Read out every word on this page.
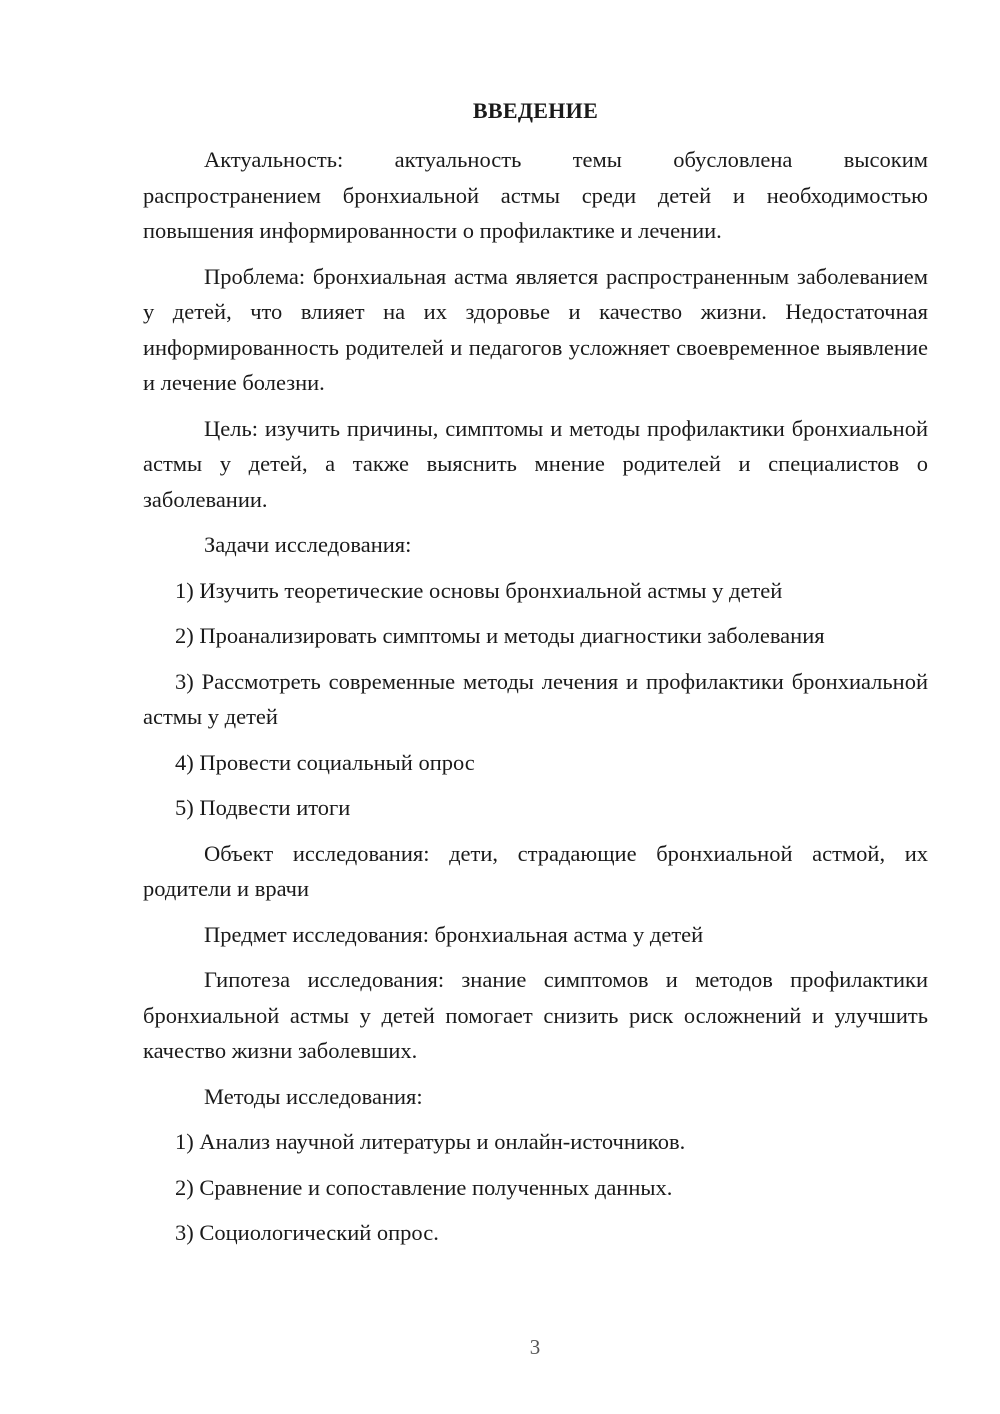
ВВЕДЕНИЕ

Актуальность: актуальность темы обусловлена высоким распространением бронхиальной астмы среди детей и необходимостью повышения информированности о профилактике и лечении.

Проблема: бронхиальная астма является распространенным заболеванием у детей, что влияет на их здоровье и качество жизни. Недостаточная информированность родителей и педагогов усложняет своевременное выявление и лечение болезни.

Цель: изучить причины, симптомы и методы профилактики бронхиальной астмы у детей, а также выяснить мнение родителей и специалистов о заболевании.

Задачи исследования:

1) Изучить теоретические основы бронхиальной астмы у детей

2) Проанализировать симптомы и методы диагностики заболевания

3) Рассмотреть современные методы лечения и профилактики бронхиальной астмы у детей

4) Провести социальный опрос

5) Подвести итоги

Объект исследования: дети, страдающие бронхиальной астмой, их родители и врачи

Предмет исследования: бронхиальная астма у детей

Гипотеза исследования: знание симптомов и методов профилактики бронхиальной астмы у детей помогает снизить риск осложнений и улучшить качество жизни заболевших.

Методы исследования:

1) Анализ научной литературы и онлайн-источников.

2) Сравнение и сопоставление полученных данных.

3) Социологический опрос.

3
